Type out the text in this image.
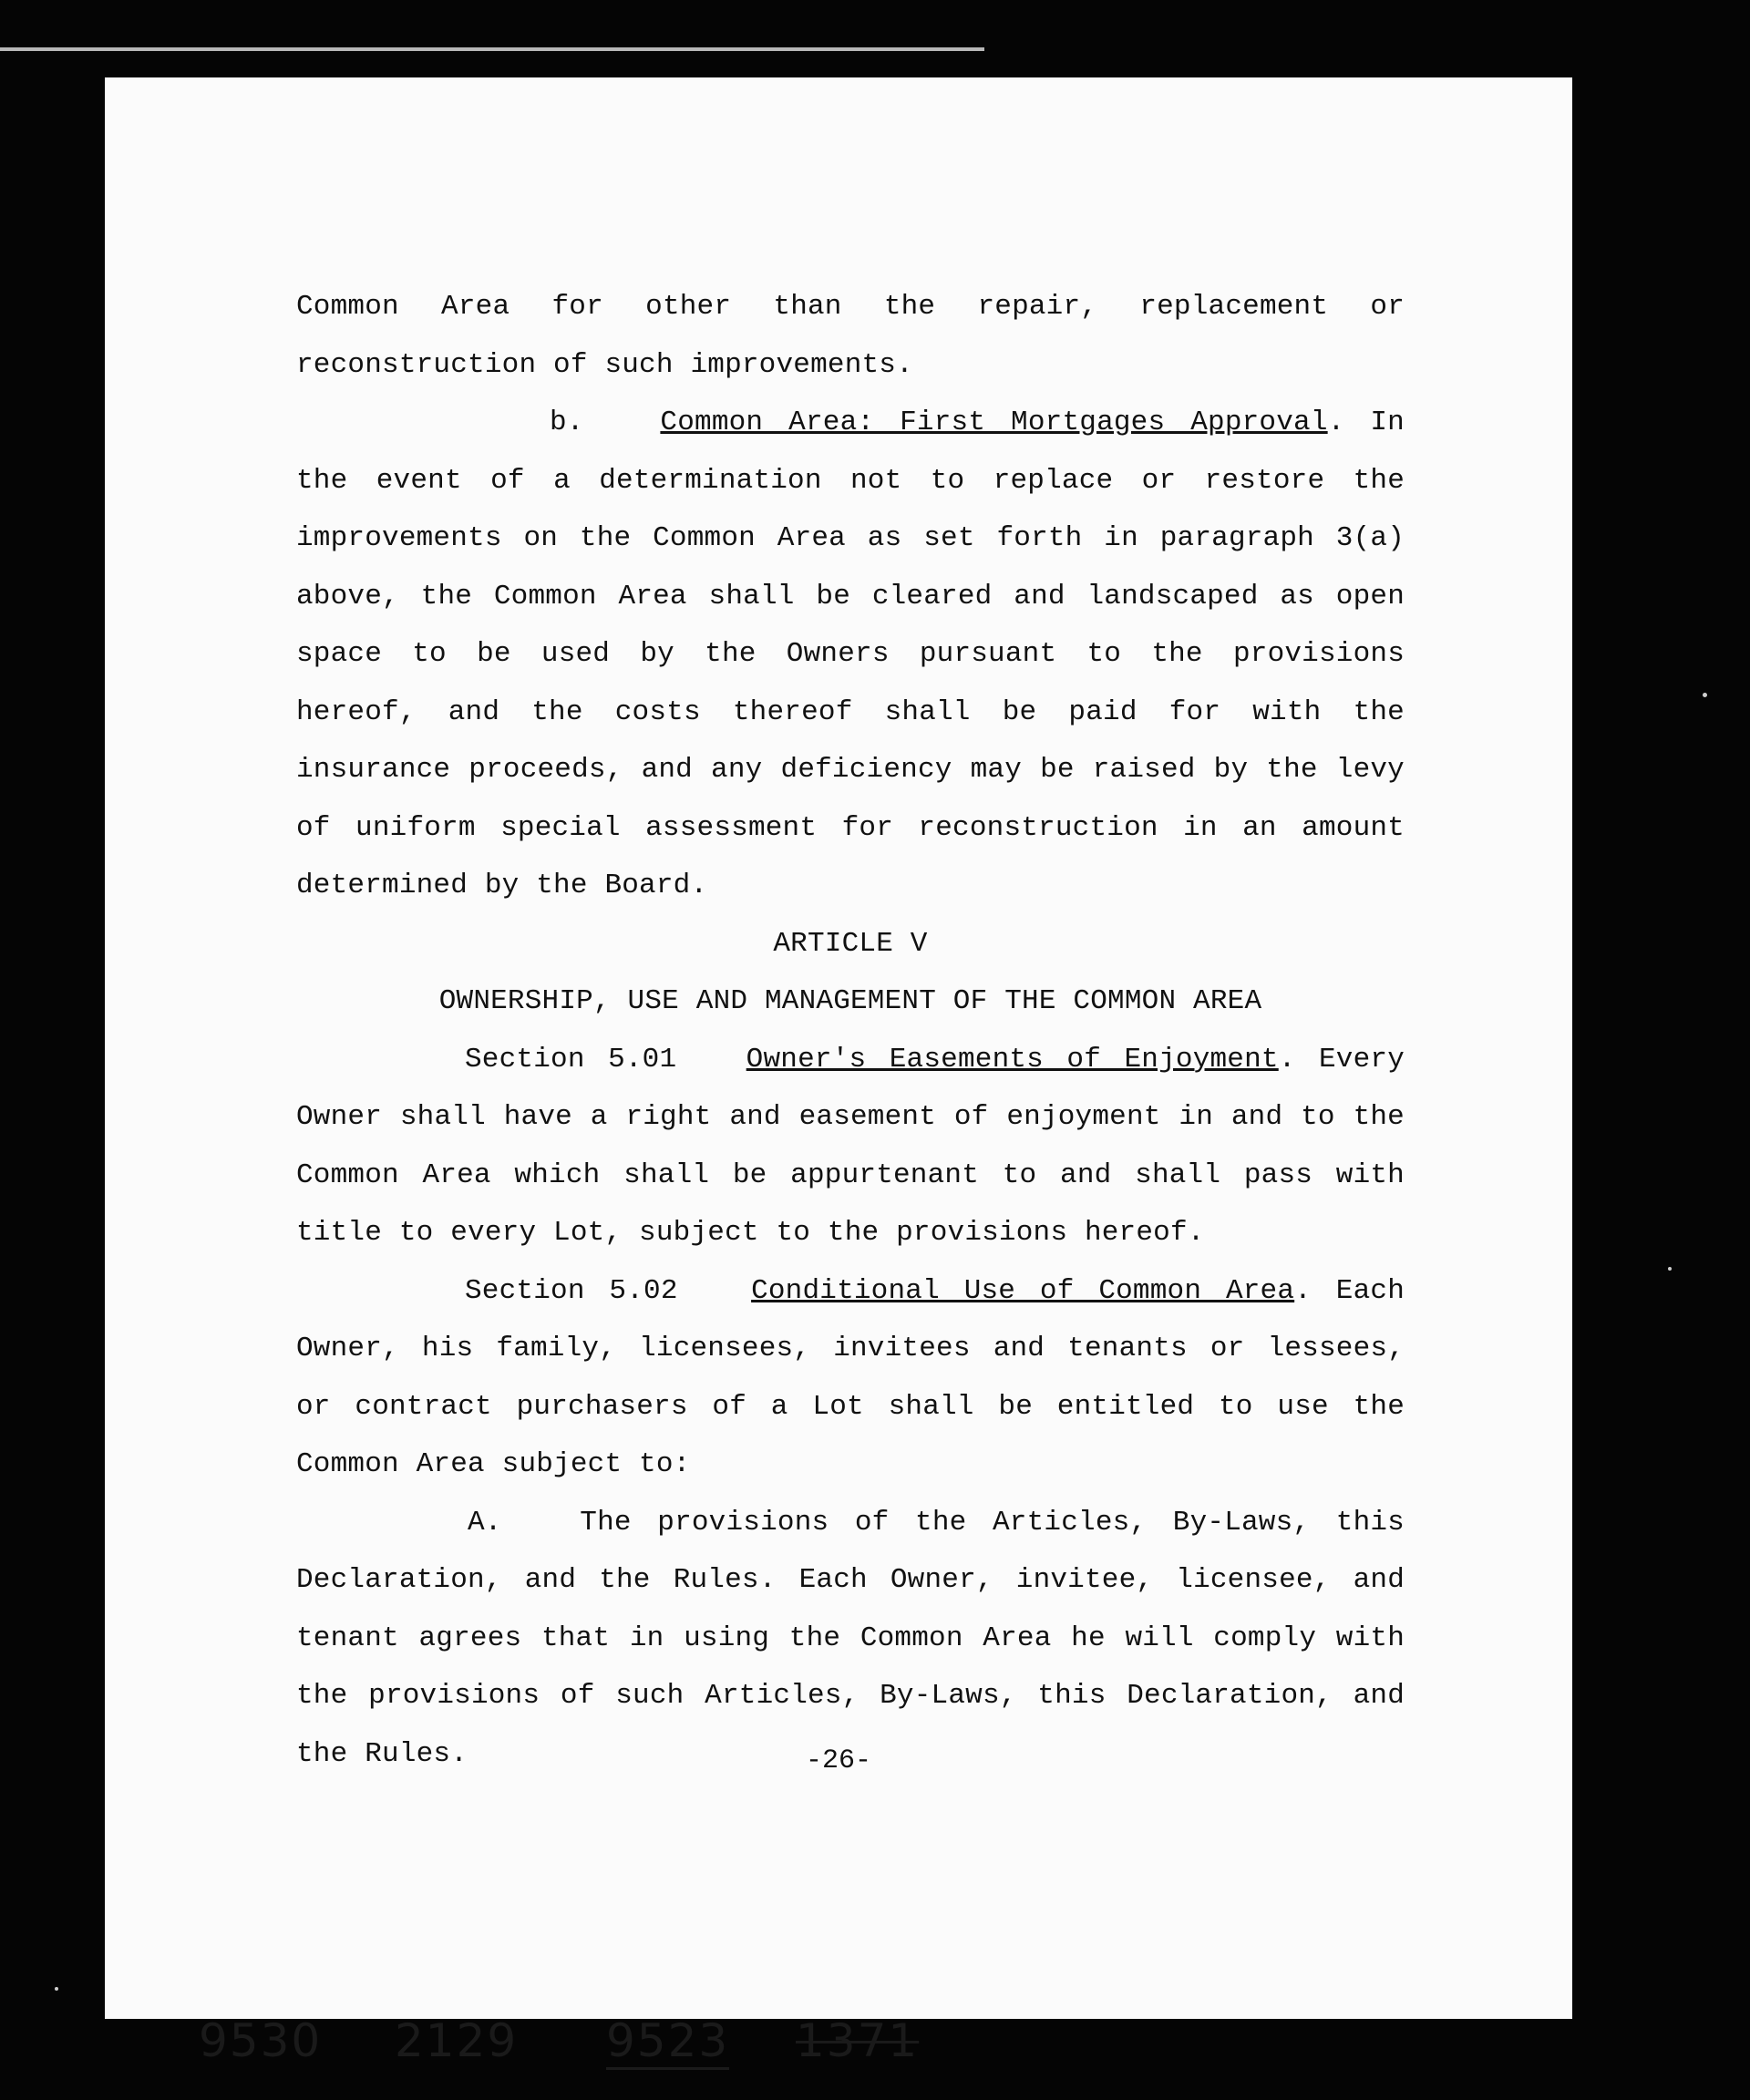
Common Area for other than the repair, replacement or reconstruction of such improvements.

b.	Common Area: First Mortgages Approval. In the event of a determination not to replace or restore the improvements on the Common Area as set forth in paragraph 3(a) above, the Common Area shall be cleared and landscaped as open space to be used by the Owners pursuant to the provisions hereof, and the costs thereof shall be paid for with the insurance proceeds, and any deficiency may be raised by the levy of uniform special assessment for reconstruction in an amount determined by the Board.

ARTICLE V

OWNERSHIP, USE AND MANAGEMENT OF THE COMMON AREA

Section 5.01 Owner's Easements of Enjoyment. Every Owner shall have a right and easement of enjoyment in and to the Common Area which shall be appurtenant to and shall pass with title to every Lot, subject to the provisions hereof.

Section 5.02	Conditional Use of Common Area. Each Owner, his family, licensees, invitees and tenants or lessees, or contract purchasers of a Lot shall be entitled to use the Common Area subject to:

A.	The provisions of the Articles, By-Laws, this Declaration, and the Rules. Each Owner, invitee, licensee, and tenant agrees that in using the Common Area he will comply with the provisions of such Articles, By-Laws, this Declaration, and the Rules.	-26-
9530 2129 9523 1371
